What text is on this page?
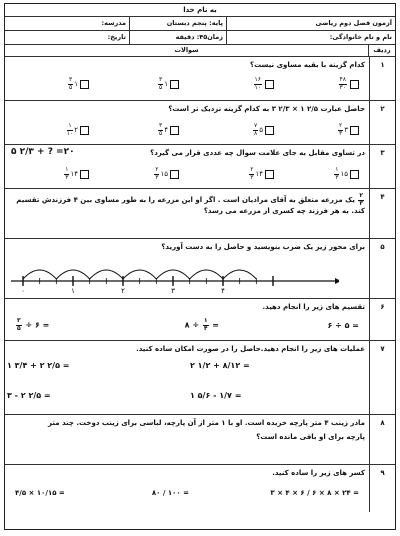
به نام خدا
آزمون فصل دوم ریاضی
پایه: پنجم دبستان
مدرسه:
نام و نام خانوادگی:
زمان۴۵: دقیقه
تاریخ:
ردیف
سوالات
۱
کدام گزینه با بقیه مساوی نیست؟
$\frac{۴۸}{۳۰}$
$\frac{۱۶}{۱۰}$
۱
$\frac{۳}{۵}$
۱
$\frac{۳}{۵}$
۲
حاصل عبارت ۳ ۲/۳ × ۱ ۲/۵ به کدام گزینه نزدیک تر است؟
۳
$\frac{۲}{۳}$
۵
$\frac{۷}{۸}$
۴
$\frac{۳}{۵}$
۲
$\frac{۱}{۱۰}$
۳
در تساوی مقابل به جای علامت سوال چه عددی قرار می گیرد؟
۵ ۲/۳ + ? =۲۰
۱۵
$\frac{۱}{۳}$
۱۴
$\frac{۲}{۳}$
۱۵
$\frac{۲}{۳}$
۱۴
$\frac{۱}{۳}$
۴
$\frac{۲}{۳}$
یک مزرعه متعلق به آقای مرادیان است . اگر او این مزرعه را به طور مساوی بین ۴ فرزندش تقسیم
کند. به هر فرزند چه کسری از مزرعه می رسد؟
۵
برای محور زیر یک ضرب بنویسید و حاصل را به دست آورید؟
۰	۱	۲	۳	۴
۶
تقسیم های زیر را انجام دهید.
۶ ÷ ۵ =
۸ ÷ $\frac{۱}{۴}$ =
$\frac{۳}{۵}$ ÷ ۶ =
۷
عملیات های زیر را انجام دهید.حاصل را در صورت امکان ساده کنید.
۱ ۳/۴ + ۲ ۲/۵ =	۲ ۱/۲ + ۸/۱۲ =
۳ - ۲ ۲/۵ =	۱ ۵/۶ - ۱/۷ =
۸
مادر زینب ۴ متر پارچه خریده است. او با ۱ متر از آن پارچه، لباسی برای زینب دوخت. چند متر
پارچه برای او باقی مانده است؟
۹
کسر های زیر را ساده کنید.
۳ × ۴ × ۶ / ۶ × ۸ × ۲۴ =
۸۰ / ۱۰۰ =
۴/۵ × ۱۰/۱۵ =
